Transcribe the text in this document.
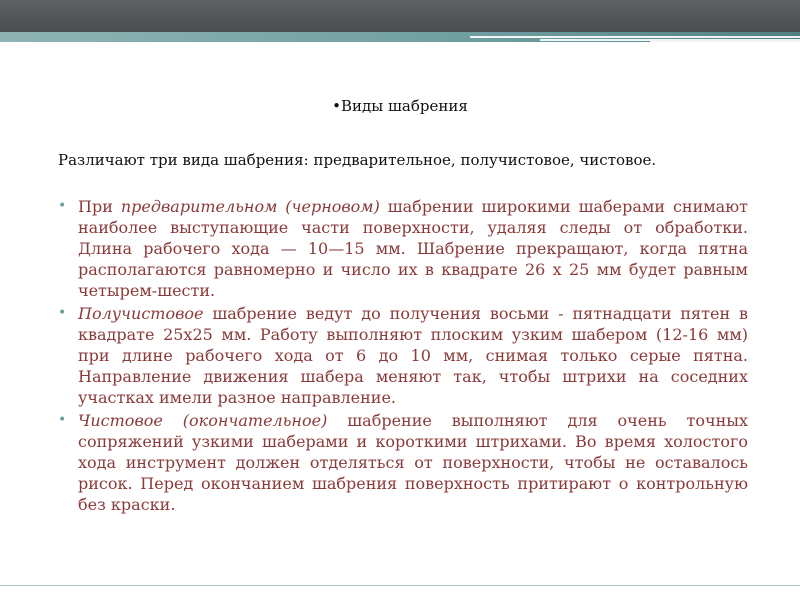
•Виды шабрения
Различают три вида шабрения: предварительное, получистовое, чистовое.
• При предварительном (черновом) шабрении широкими шаберами снимают наиболее выступающие части поверхности, удаляя следы от обработки. Длина рабочего хода — 10—15 мм. Шабрение прекращают, когда пятна располагаются равномерно и число их в квадрате 26 х 25 мм будет равным четырем-шести.
• Получистовое шабрение ведут до получения восьми - пятнадцати пятен в квадрате 25х25 мм. Работу выполняют плоским узким шабером (12-16 мм) при длине рабочего хода от 6 до 10 мм, снимая только серые пятна. Направление движения шабера меняют так, чтобы штрихи на соседних участках имели разное направление.
• Чистовое (окончательное) шабрение выполняют для очень точных сопряжений узкими шаберами и короткими штрихами. Во время холостого хода инструмент должен отделяться от поверхности, чтобы не оставалось рисок. Перед окончанием шабрения поверхность притирают о контрольную без краски.
